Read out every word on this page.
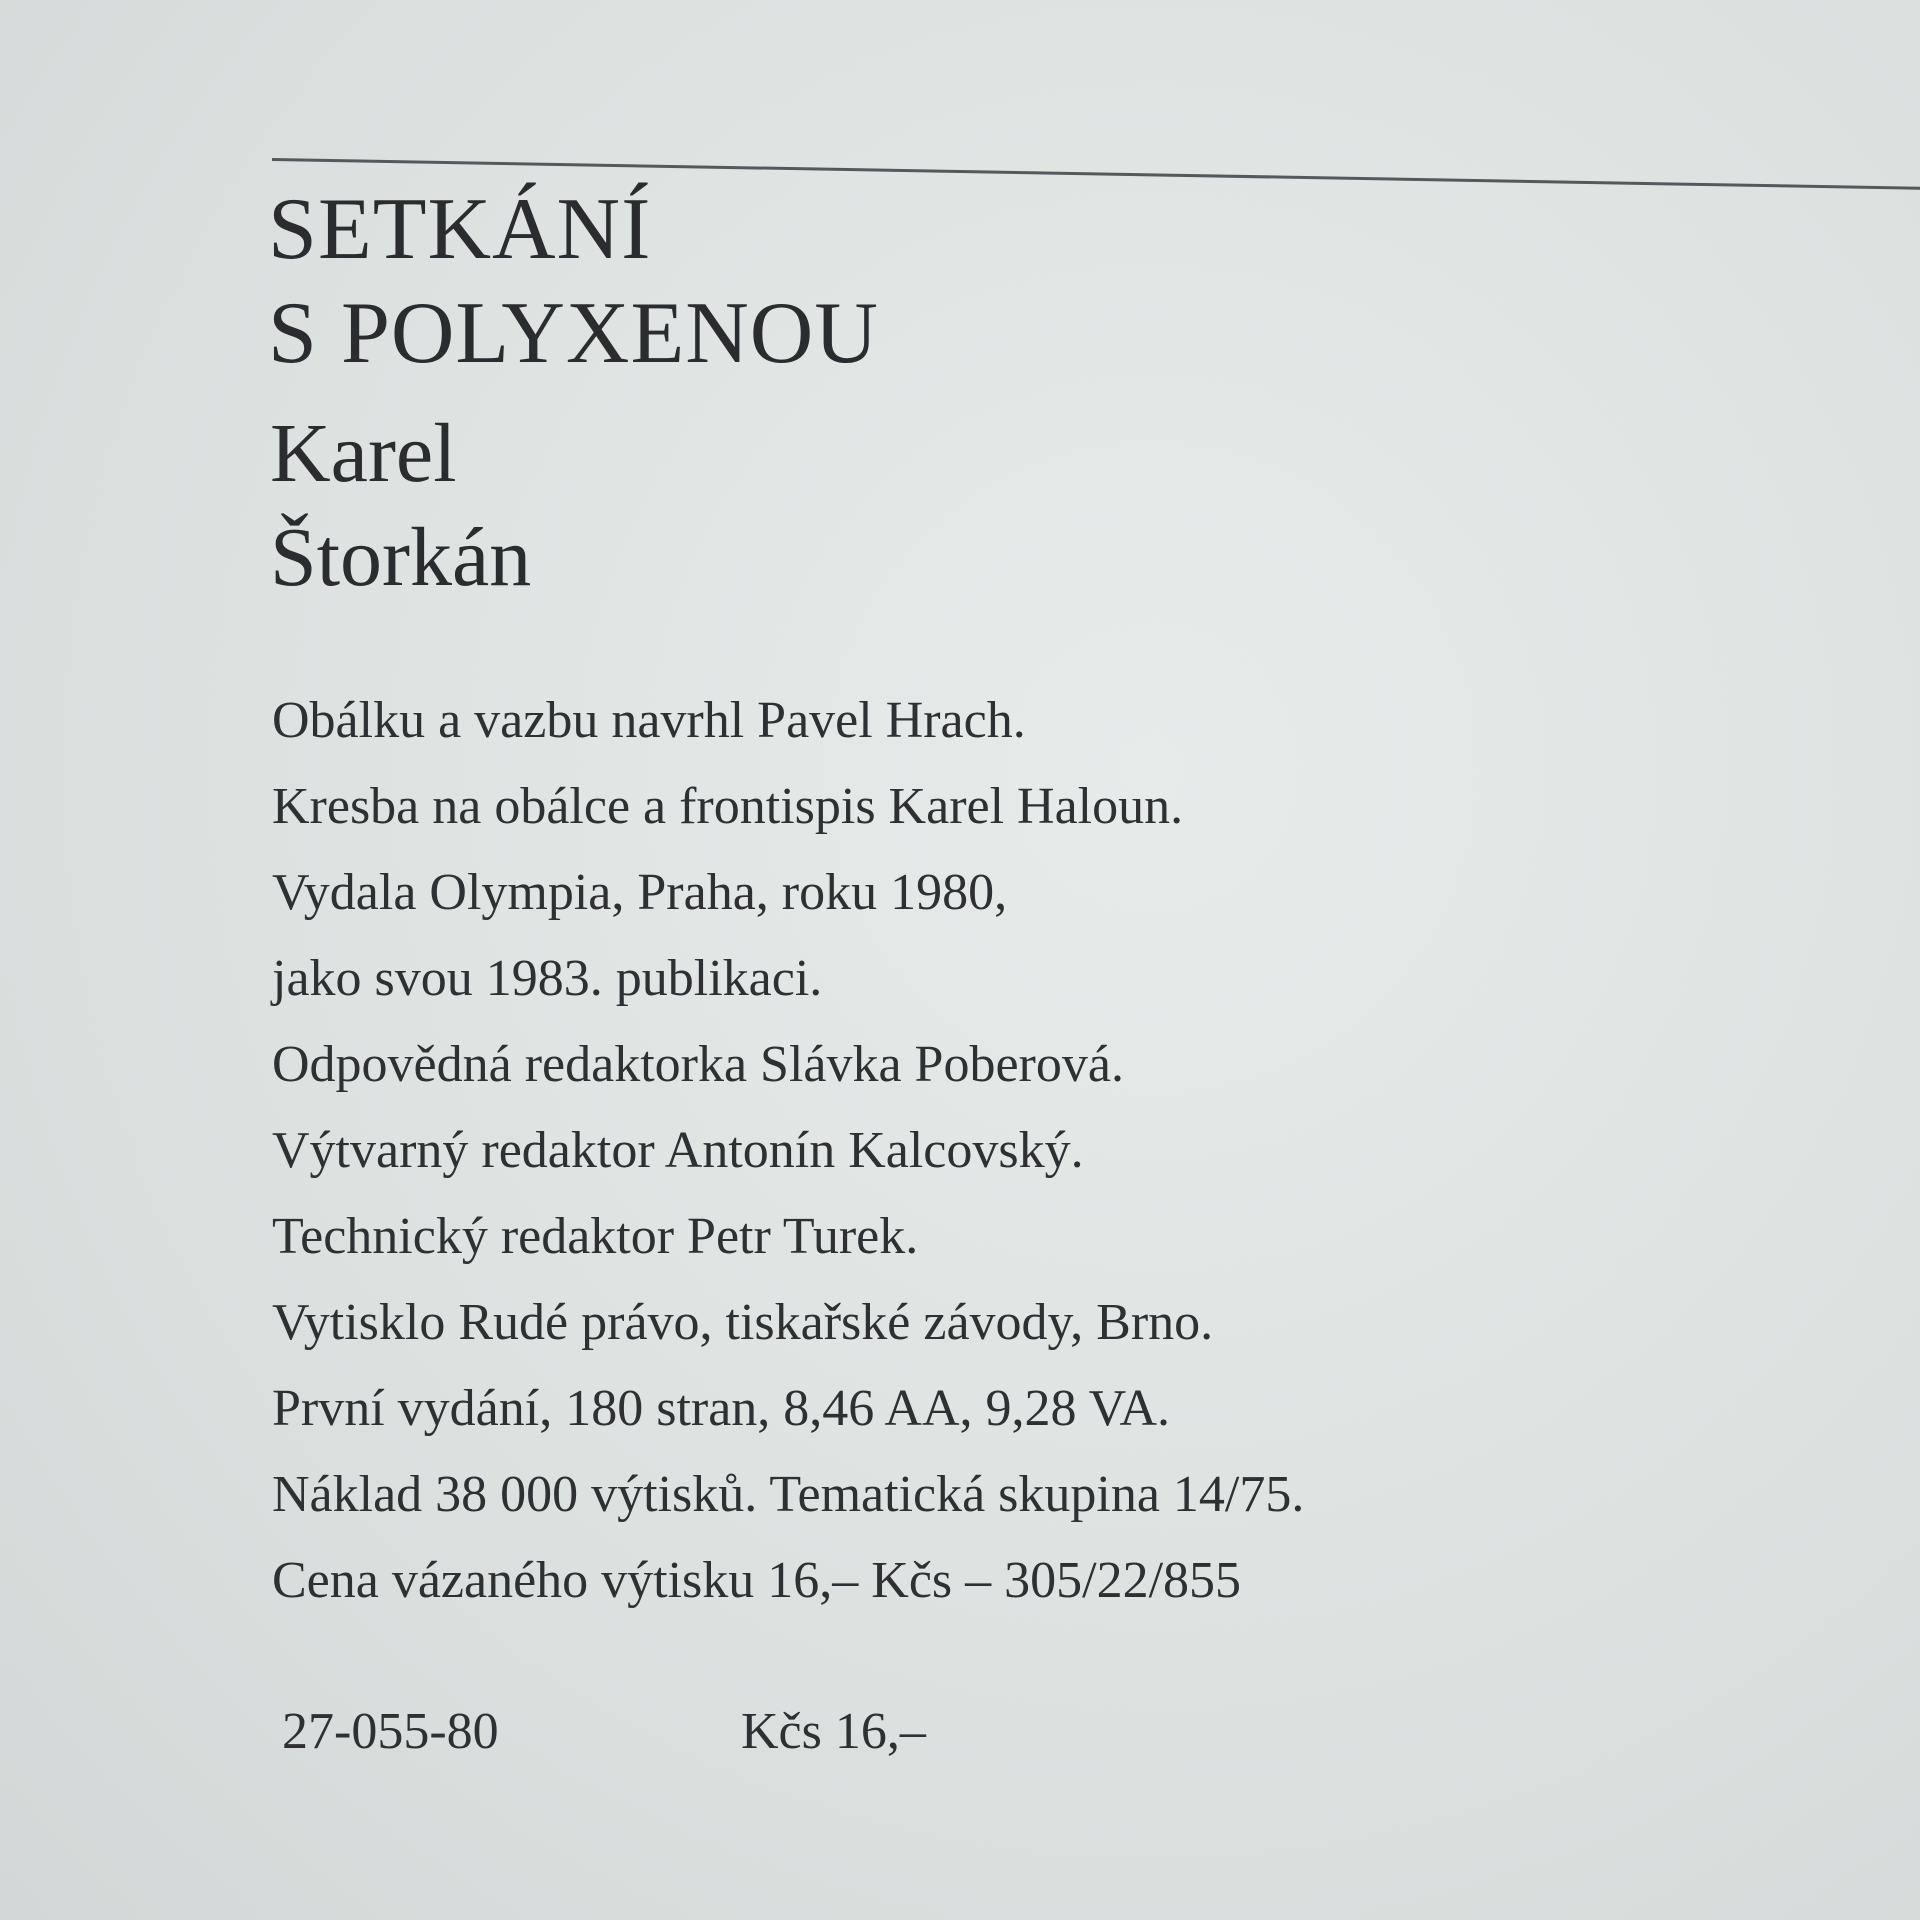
SETKÁNÍ
S POLYXENOU
Karel
Štorkán
Obálku a vazbu navrhl Pavel Hrach.
Kresba na obálce a frontispis Karel Haloun.
Vydala Olympia, Praha, roku 1980,
jako svou 1983. publikaci.
Odpovědná redaktorka Slávka Poberová.
Výtvarný redaktor Antonín Kalcovský.
Technický redaktor Petr Turek.
Vytisklo Rudé právo, tiskařské závody, Brno.
První vydání, 180 stran, 8,46 AA, 9,28 VA.
Náklad 38 000 výtisků. Tematická skupina 14/75.
Cena vázaného výtisku 16,– Kčs – 305/22/855
27-055-80	Kčs 16,–
